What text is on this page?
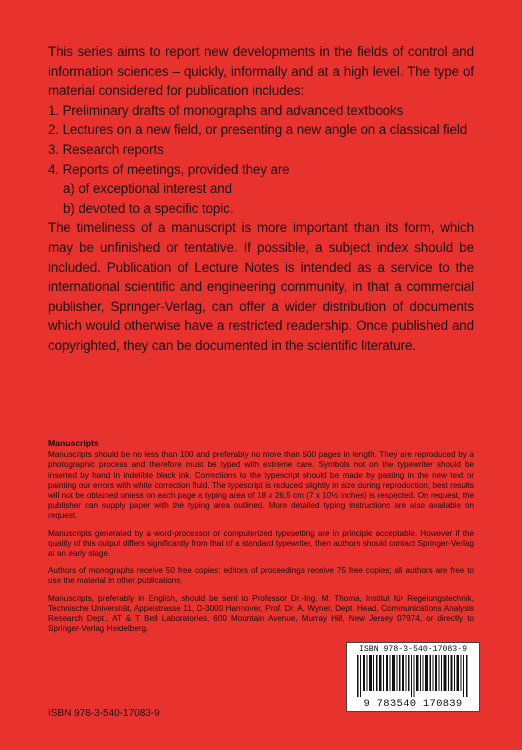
This series aims to report new developments in the fields of control and information sciences – quickly, informally and at a high level. The type of material considered for publication includes:

1. Preliminary drafts of monographs and advanced textbooks

2. Lectures on a new field, or presenting a new angle on a classical field

3. Research reports

4. Reports of meetings, provided they are

a) of exceptional interest and

b) devoted to a specific topic.

The timeliness of a manuscript is more important than its form, which may be unfinished or tentative. If possible, a subject index should be included. Publication of Lecture Notes is intended as a service to the international scientific and engineering community, in that a commercial publisher, Springer-Verlag, can offer a wider distribution of documents which would otherwise have a restricted readership. Once published and copyrighted, they can be documented in the scientific literature.

Manuscripts

Manuscripts should be no less than 100 and preferably no more than 500 pages in length. They are reproduced by a photographic process and therefore must be typed with extreme care. Symbols not on the typewriter should be inserted by hand in indelible black ink. Corrections to the typescript should be made by pasting in the new text or painting our errors with white correction fluid. The typescript is reduced slightly in size during reproduction; best results will not be obtained unless on each page a typing area of 18 x 26,5 cm (7 x 10½ inches) is respected. On request, the publisher can supply paper with the typing area outlined. More detailed typing instructions are also available on request.

Manuscripts generated by a word-processor or computerized typesetting are in principle acceptable. However if the quality of this output differs significantly from that of a standard typewriter, then authors should contact Springer-Verlag at an early stage.

Authors of monographs receive 50 free copies; editors of proceedings receive 75 free copies; all authors are free to use the material in other publications.

Manuscripts, preferably in English, should be sent to Professor Dr.-Ing. M. Thoma, Institut für Regelungstechnik, Technische Universität, Appelstrasse 11, D-3000 Hannover, Prof. Dr. A. Wyner, Dept. Head, Communications Analysis Research Dept., AT & T Bell Laboratories, 600 Mountain Avenue, Murray Hill, New Jersey 07974, or directly to Springer-Verlag Heidelberg.

ISBN 978-3-540-17083-9
9 783540 170839
ISBN 978-3-540-17083-9
